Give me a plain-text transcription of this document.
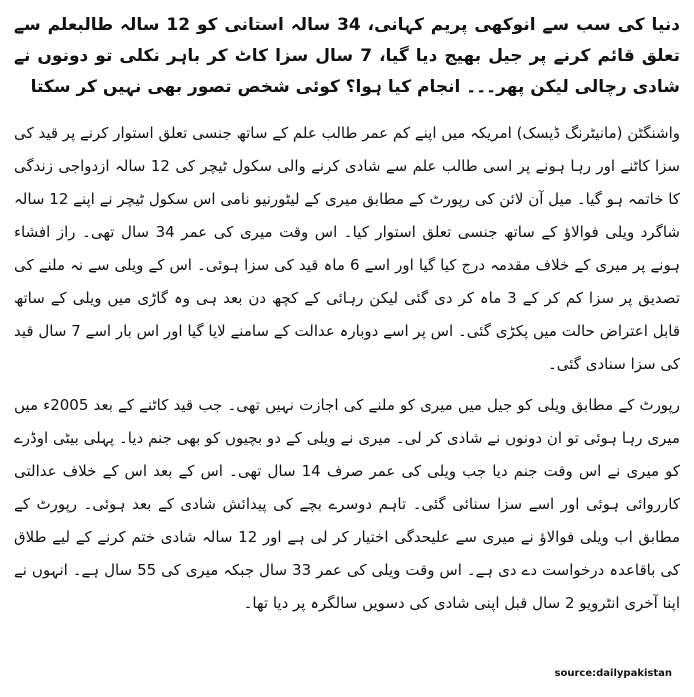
دنیا کی سب سے انوکھی پریم کہانی، 34 سالہ استانی کو 12 سالہ طالبعلم سے تعلق قائم کرنے پر جیل بھیج دیا گیا، 7 سال سزا کاٹ کر باہر نکلی تو دونوں نے شادی رچالی لیکن پھر۔۔۔ انجام کیا ہوا؟ کوئی شخص تصور بھی نہیں کر سکتا
واشنگٹن (مانیٹرنگ ڈیسک) امریکہ میں اپنے کم عمر طالب علم کے ساتھ جنسی تعلق استوار کرنے پر قید کی سزا کاٹنے اور رہا ہونے پر اسی طالب علم سے شادی کرنے والی سکول ٹیچر کی 12 سالہ ازدواجی زندگی کا خاتمہ ہو گیا۔ میل آن لائن کی رپورٹ کے مطابق میری کے لیٹورنیو نامی اس سکول ٹیچر نے اپنے 12 سالہ شاگرد ویلی فوالاؤ کے ساتھ جنسی تعلق استوار کیا۔ اس وقت میری کی عمر 34 سال تھی۔ راز افشاء ہونے پر میری کے خلاف مقدمہ درج کیا گیا اور اسے 6 ماہ قید کی سزا ہوئی۔ اس کے ویلی سے نہ ملنے کی تصدیق پر سزا کم کر کے 3 ماہ کر دی گئی لیکن رہائی کے کچھ دن بعد ہی وہ گاڑی میں ویلی کے ساتھ قابل اعتراض حالت میں پکڑی گئی۔ اس پر اسے دوبارہ عدالت کے سامنے لایا گیا اور اس بار اسے 7 سال قید کی سزا سنادی گئی۔
رپورٹ کے مطابق ویلی کو جیل میں میری کو ملنے کی اجازت نہیں تھی۔ جب قید کاٹنے کے بعد 2005ء میں میری رہا ہوئی تو ان دونوں نے شادی کر لی۔ میری نے ویلی کے دو بچیوں کو بھی جنم دیا۔ پہلی بیٹی اوڈرے کو میری نے اس وقت جنم دیا جب ویلی کی عمر صرف 14 سال تھی۔ اس کے بعد اس کے خلاف عدالتی کارروائی ہوئی اور اسے سزا سنائی گئی۔ تاہم دوسرے بچے کی پیدائش شادی کے بعد ہوئی۔ رپورٹ کے مطابق اب ویلی فوالاؤ نے میری سے علیحدگی اختیار کر لی ہے اور 12 سالہ شادی ختم کرنے کے لیے طلاق کی باقاعدہ درخواست دے دی ہے۔ اس وقت ویلی کی عمر 33 سال جبکہ میری کی 55 سال ہے۔ انہوں نے اپنا آخری انٹرویو 2 سال قبل اپنی شادی کی دسویں سالگرہ پر دیا تھا۔
source:dailypakistan
